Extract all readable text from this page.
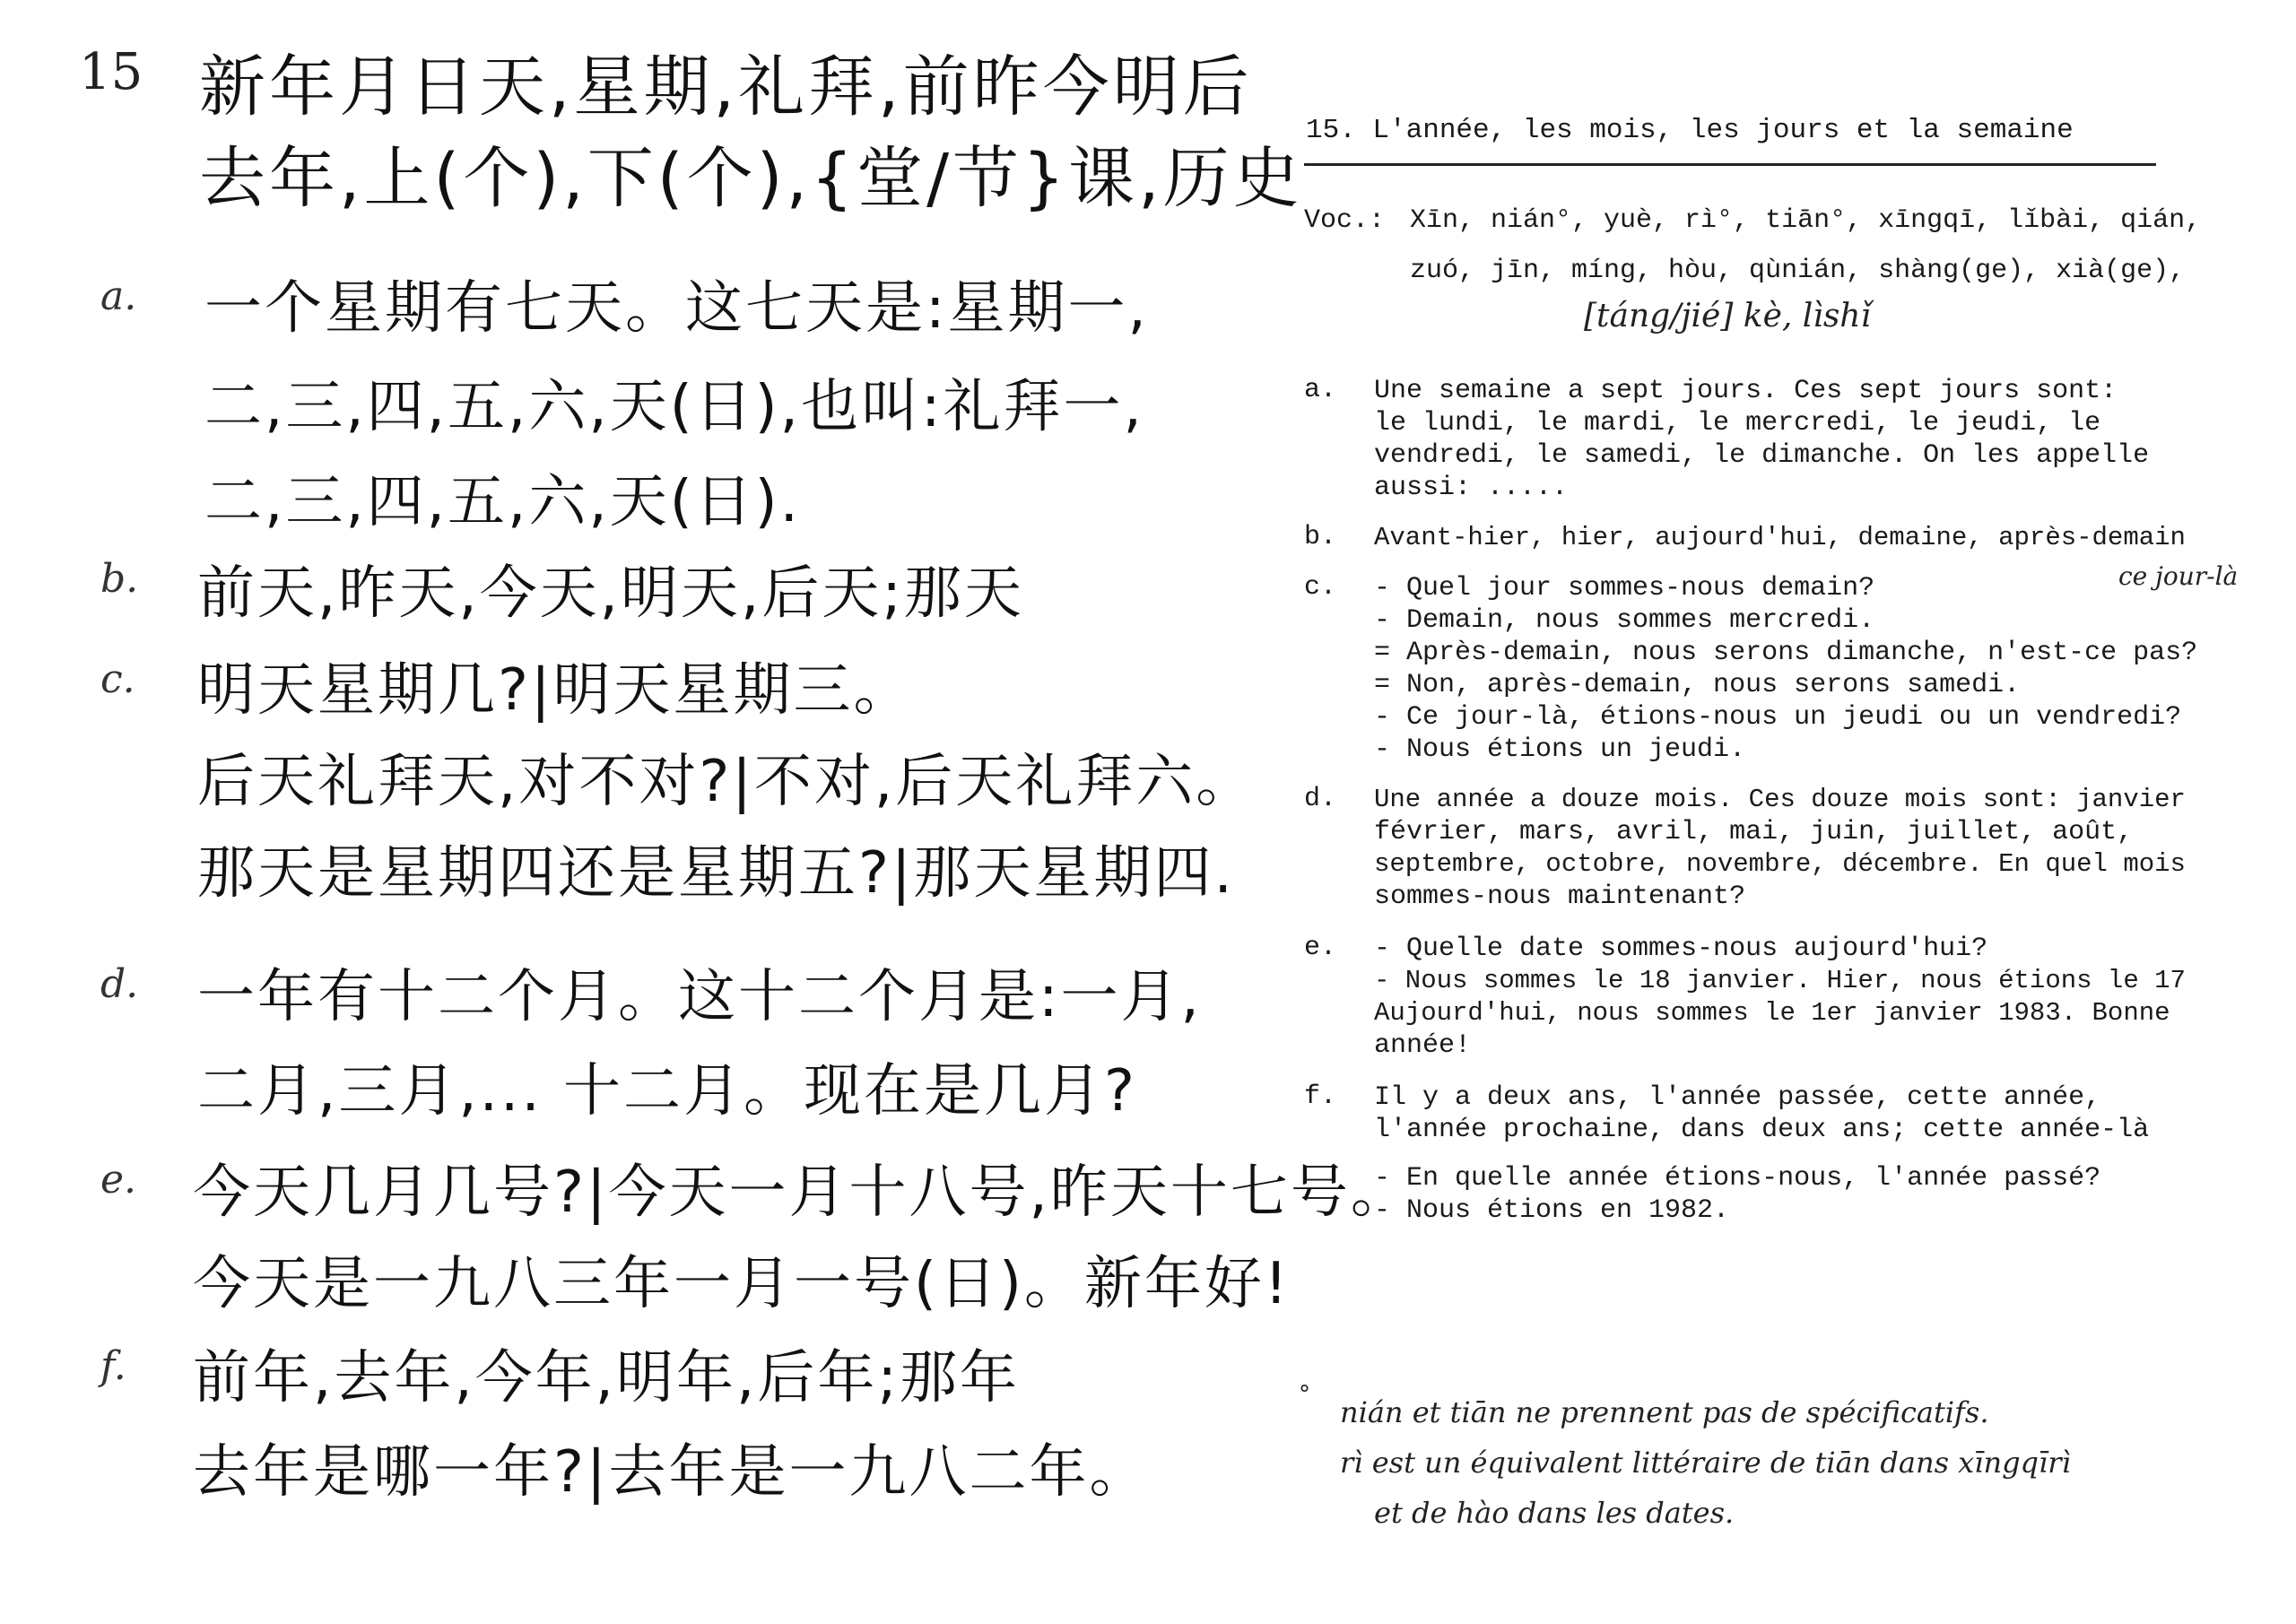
15 新年月日天,星期,礼拜,前昨今明后
去年,上(个),下(个),{堂/节}课,历史
a. 一个星期有七天。这七天是:星期一,
二,三,四,五,六,天(日),也叫:礼拜一,
二,三,四,五,六,天(日).
b. 前天,昨天,今天,明天,后天;那天
c. 明天星期几?|明天星期三。
后天礼拜天,对不对?|不对,后天礼拜六。
那天是星期四还是星期五?|那天星期四.
d. 一年有十二个月。这十二个月是:一月,
二月,三月,... 十二月。现在是几月?
e. 今天几月几号?|今天一月十八号,昨天十七号。
今天是一九八三年一月一号(日)。新年好!
f. 前年,去年,今年,明年,后年;那年
去年是哪一年?|去年是一九八二年。
15. L'année, les mois, les jours et la semaine
Voc.: Xīn, nián°, yuè, rì°, tiān°, xīngqī, lǐbài, qián,
zuó, jīn, míng, hòu, qùnián, shàng(ge), xià(ge),
[táng/jié] kè, lìshǐ
a. Une semaine a sept jours. Ces sept jours sont:
le lundi, le mardi, le mercredi, le jeudi, le
vendredi, le samedi, le dimanche. On les appelle
aussi: .....
b. Avant-hier, hier, aujourd'hui, demaine, après-demain
c. - Quel jour sommes-nous demain?	ce jour-là
- Demain, nous sommes mercredi.
= Après-demain, nous serons dimanche, n'est-ce pas?
= Non, après-demain, nous serons samedi.
- Ce jour-là, étions-nous un jeudi ou un vendredi?
- Nous étions un jeudi.
d. Une année a douze mois. Ces douze mois sont: janvier
février, mars, avril, mai, juin, juillet, août,
septembre, octobre, novembre, décembre. En quel mois
sommes-nous maintenant?
e. - Quelle date sommes-nous aujourd'hui?
- Nous sommes le 18 janvier. Hier, nous étions le 17
Aujourd'hui, nous sommes le 1er janvier 1983. Bonne
année!
f. Il y a deux ans, l'année passée, cette année,
l'année prochaine, dans deux ans; cette année-là
- En quelle année étions-nous, l'année passé?
- Nous étions en 1982.
°
nián et tiān ne prennent pas de spécificatifs.
rì est un équivalent littéraire de tiān dans xīngqīrì
et de hào dans les dates.
